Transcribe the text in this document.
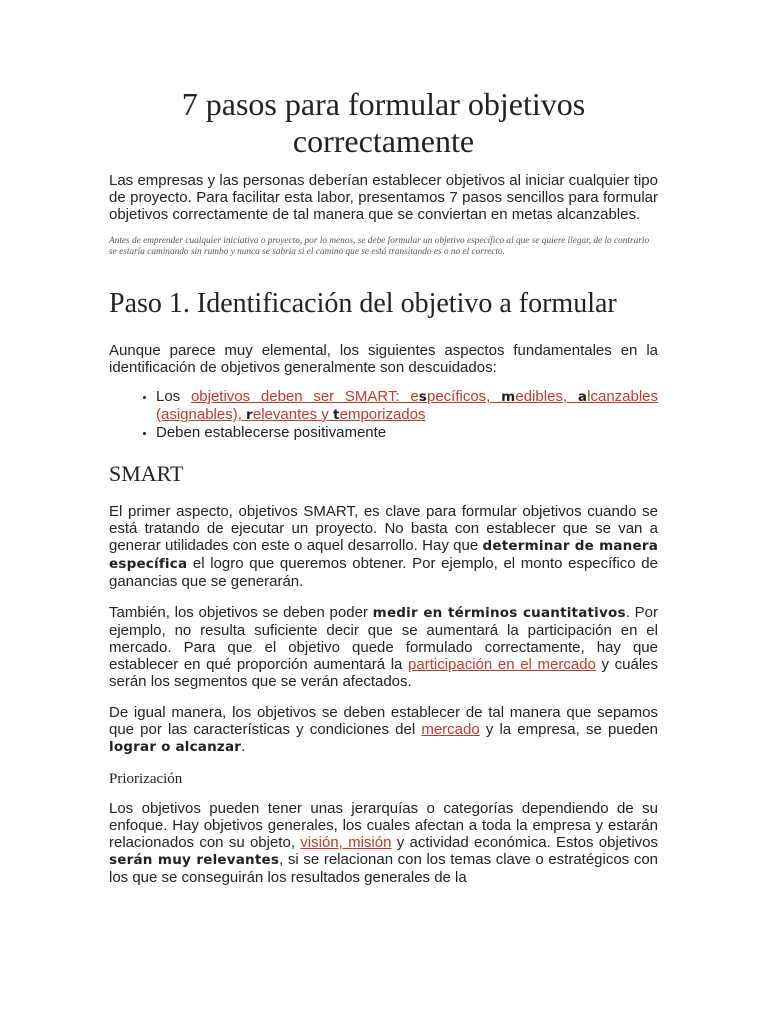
7 pasos para formular objetivos correctamente

Las empresas y las personas deberían establecer objetivos al iniciar cualquier tipo de proyecto. Para facilitar esta labor, presentamos 7 pasos sencillos para formular objetivos correctamente de tal manera que se conviertan en metas alcanzables.

Antes de emprender cualquier iniciativa o proyecto, por lo menos, se debe formular un objetivo específico al que se quiere llegar, de lo contrario se estaría caminando sin rumbo y nunca se sabría si el camino que se está transitando es o no el correcto.

Paso 1. Identificación del objetivo a formular

Aunque parece muy elemental, los siguientes aspectos fundamentales en la identificación de objetivos generalmente son descuidados:

• Los objetivos deben ser SMART: específicos, medibles, alcanzables (asignables), relevantes y temporizados
• Deben establecerse positivamente
SMART

El primer aspecto, objetivos SMART, es clave para formular objetivos cuando se está tratando de ejecutar un proyecto. No basta con establecer que se van a generar utilidades con este o aquel desarrollo. Hay que determinar de manera específica el logro que queremos obtener. Por ejemplo, el monto específico de ganancias que se generarán.

También, los objetivos se deben poder medir en términos cuantitativos. Por ejemplo, no resulta suficiente decir que se aumentará la participación en el mercado. Para que el objetivo quede formulado correctamente, hay que establecer en qué proporción aumentará la participación en el mercado y cuáles serán los segmentos que se verán afectados.

De igual manera, los objetivos se deben establecer de tal manera que sepamos que por las características y condiciones del mercado y la empresa, se pueden lograr o alcanzar.

Priorización

Los objetivos pueden tener unas jerarquías o categorías dependiendo de su enfoque. Hay objetivos generales, los cuales afectan a toda la empresa y estarán relacionados con su objeto, visión, misión y actividad económica. Estos objetivos serán muy relevantes, si se relacionan con los temas clave o estratégicos con los que se conseguirán los resultados generales de la
